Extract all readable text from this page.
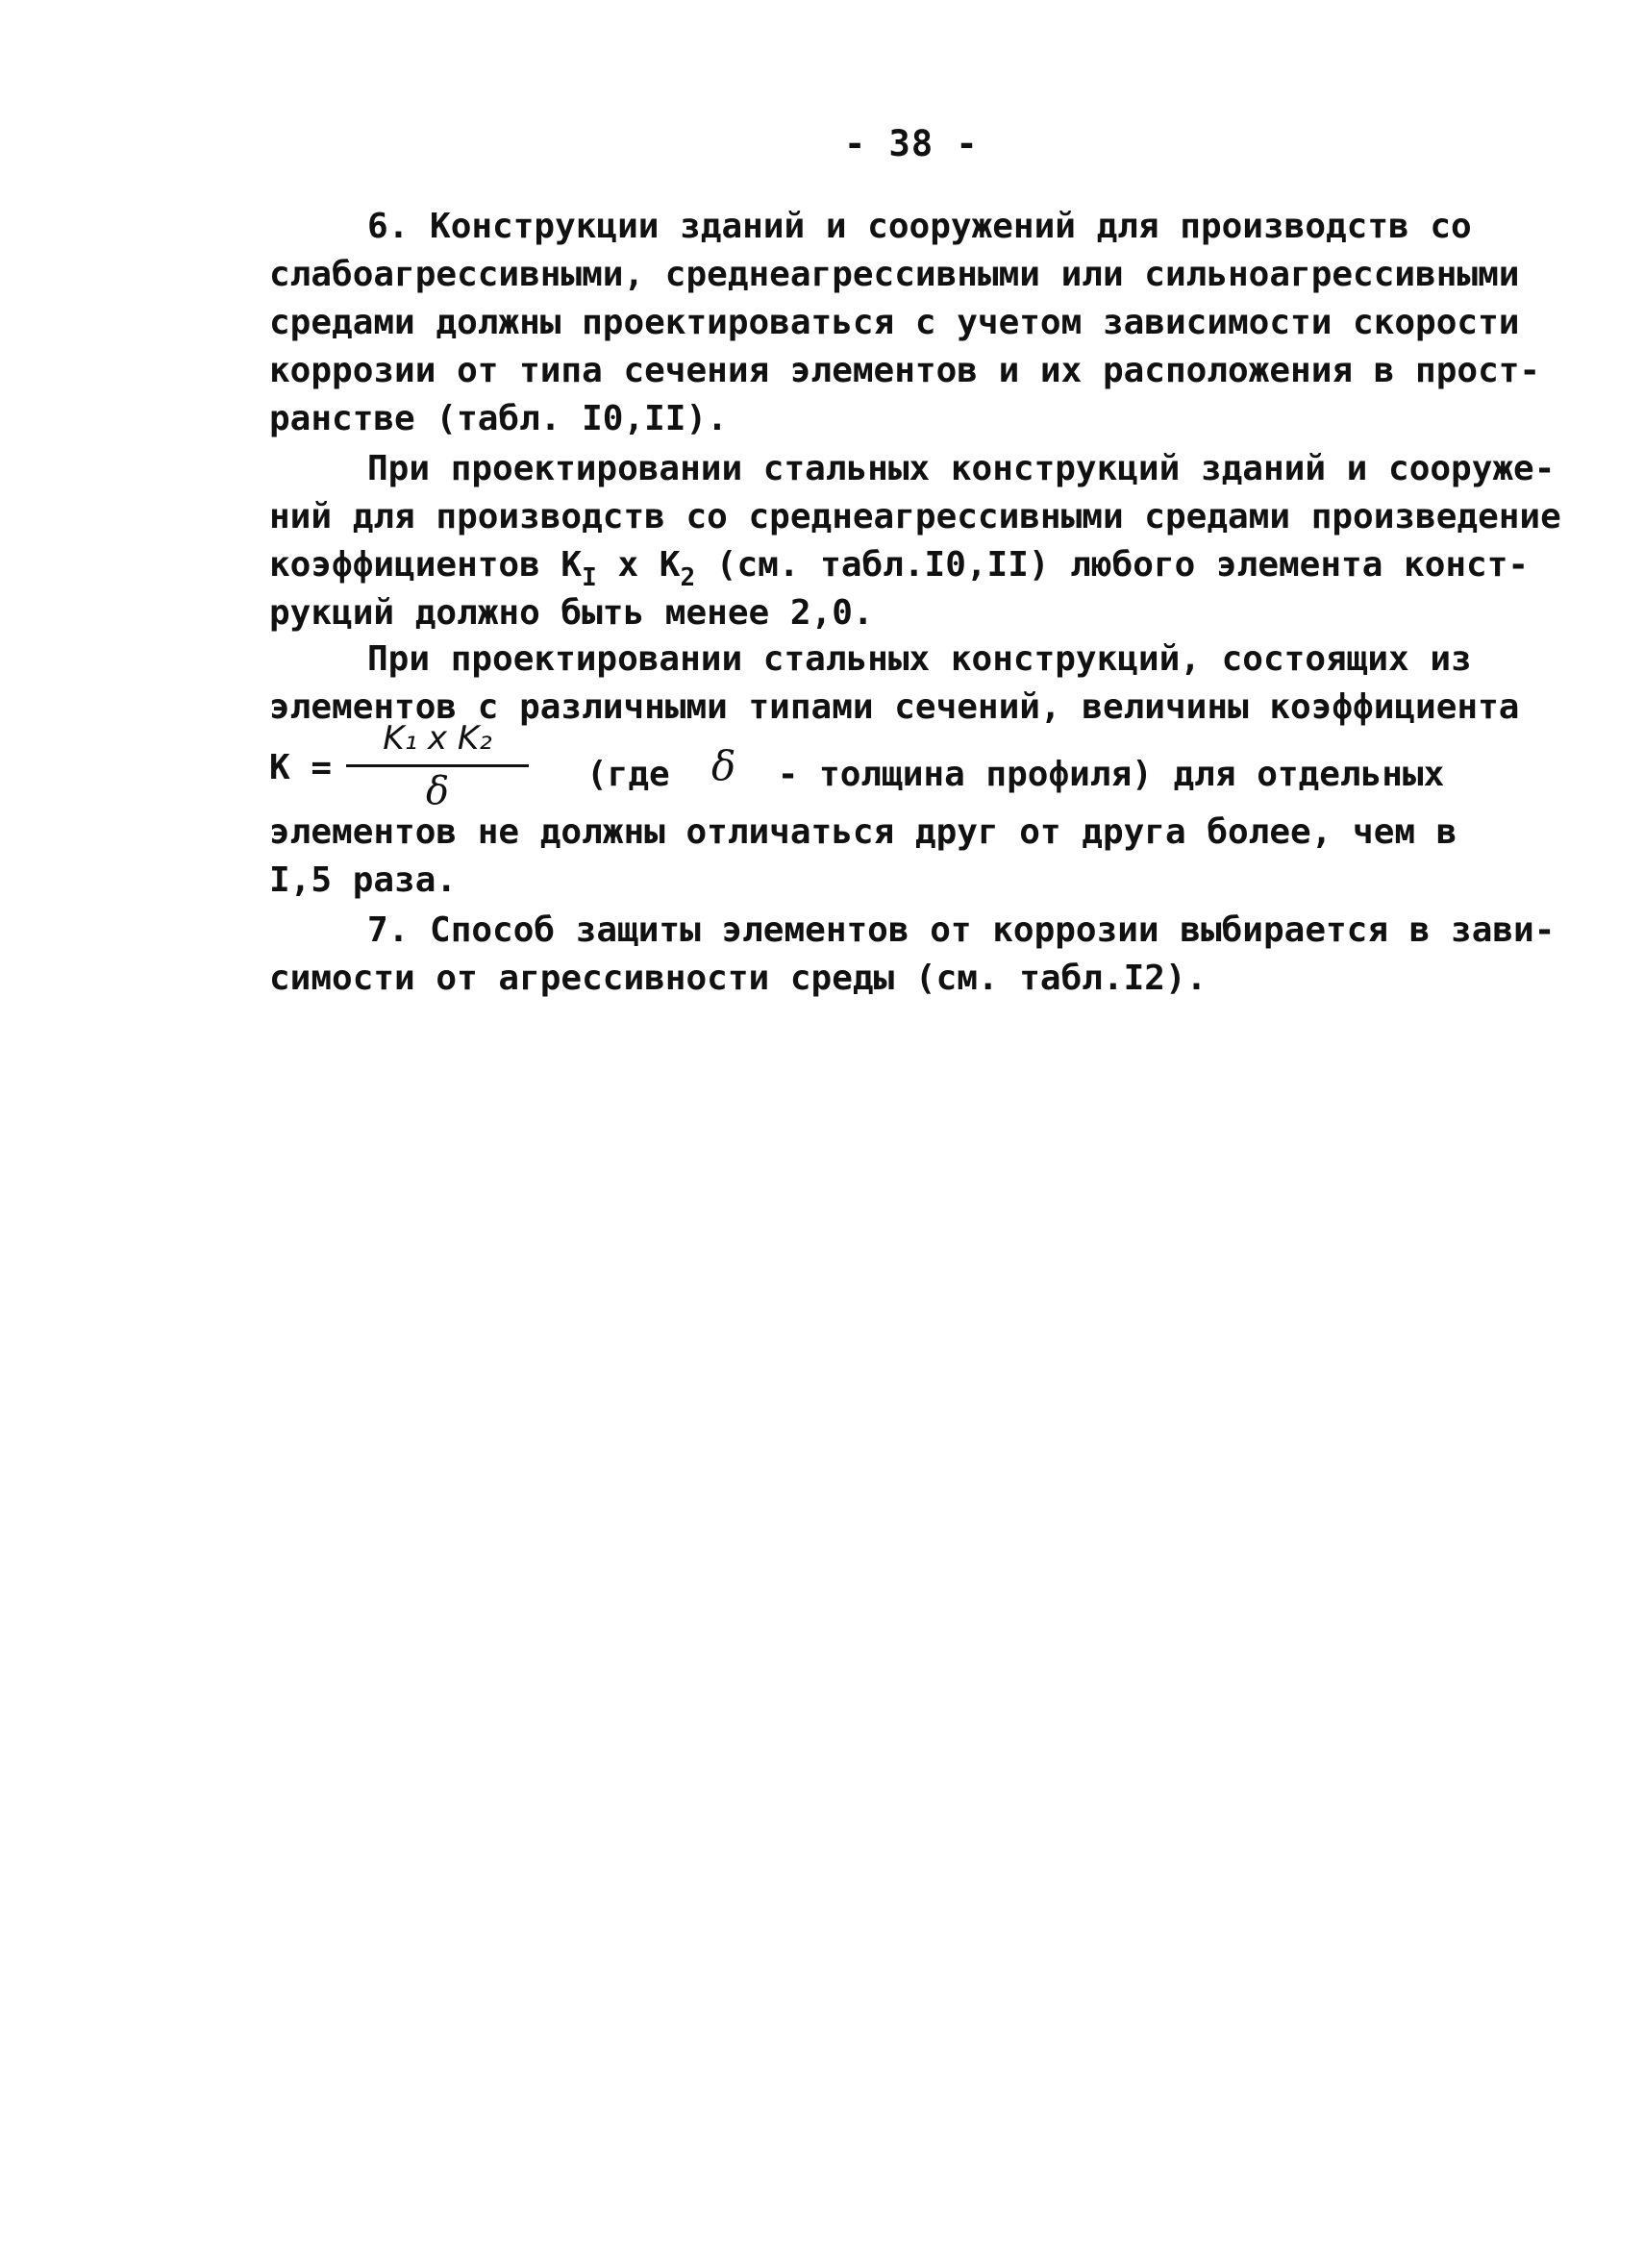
- 38 -
6. Конструкции зданий и сооружений для производств со
слабоагрессивными, среднеагрессивными или сильноагрессивными
средами должны проектироваться с учетом зависимости скорости
коррозии от типа сечения элементов и их расположения в прост-
ранстве (табл. I0,II).
При проектировании стальных конструкций зданий и сооруже-
ний для производств со среднеагрессивными средами произведение
коэффициентов $K_I$ x $K_2$ (см. табл.I0,II) любого элемента конст-
рукций должно быть менее 2,0.
При проектировании стальных конструкций, состоящих из
элементов с различными типами сечений, величины коэффициента
К =
K₁ x K₂
δ	(где  δ  - толщина профиля) для отдельных
элементов не должны отличаться друг от друга более, чем в
I,5 раза.
7. Способ защиты элементов от коррозии выбирается в зави-
симости от агрессивности среды (см. табл.I2).
